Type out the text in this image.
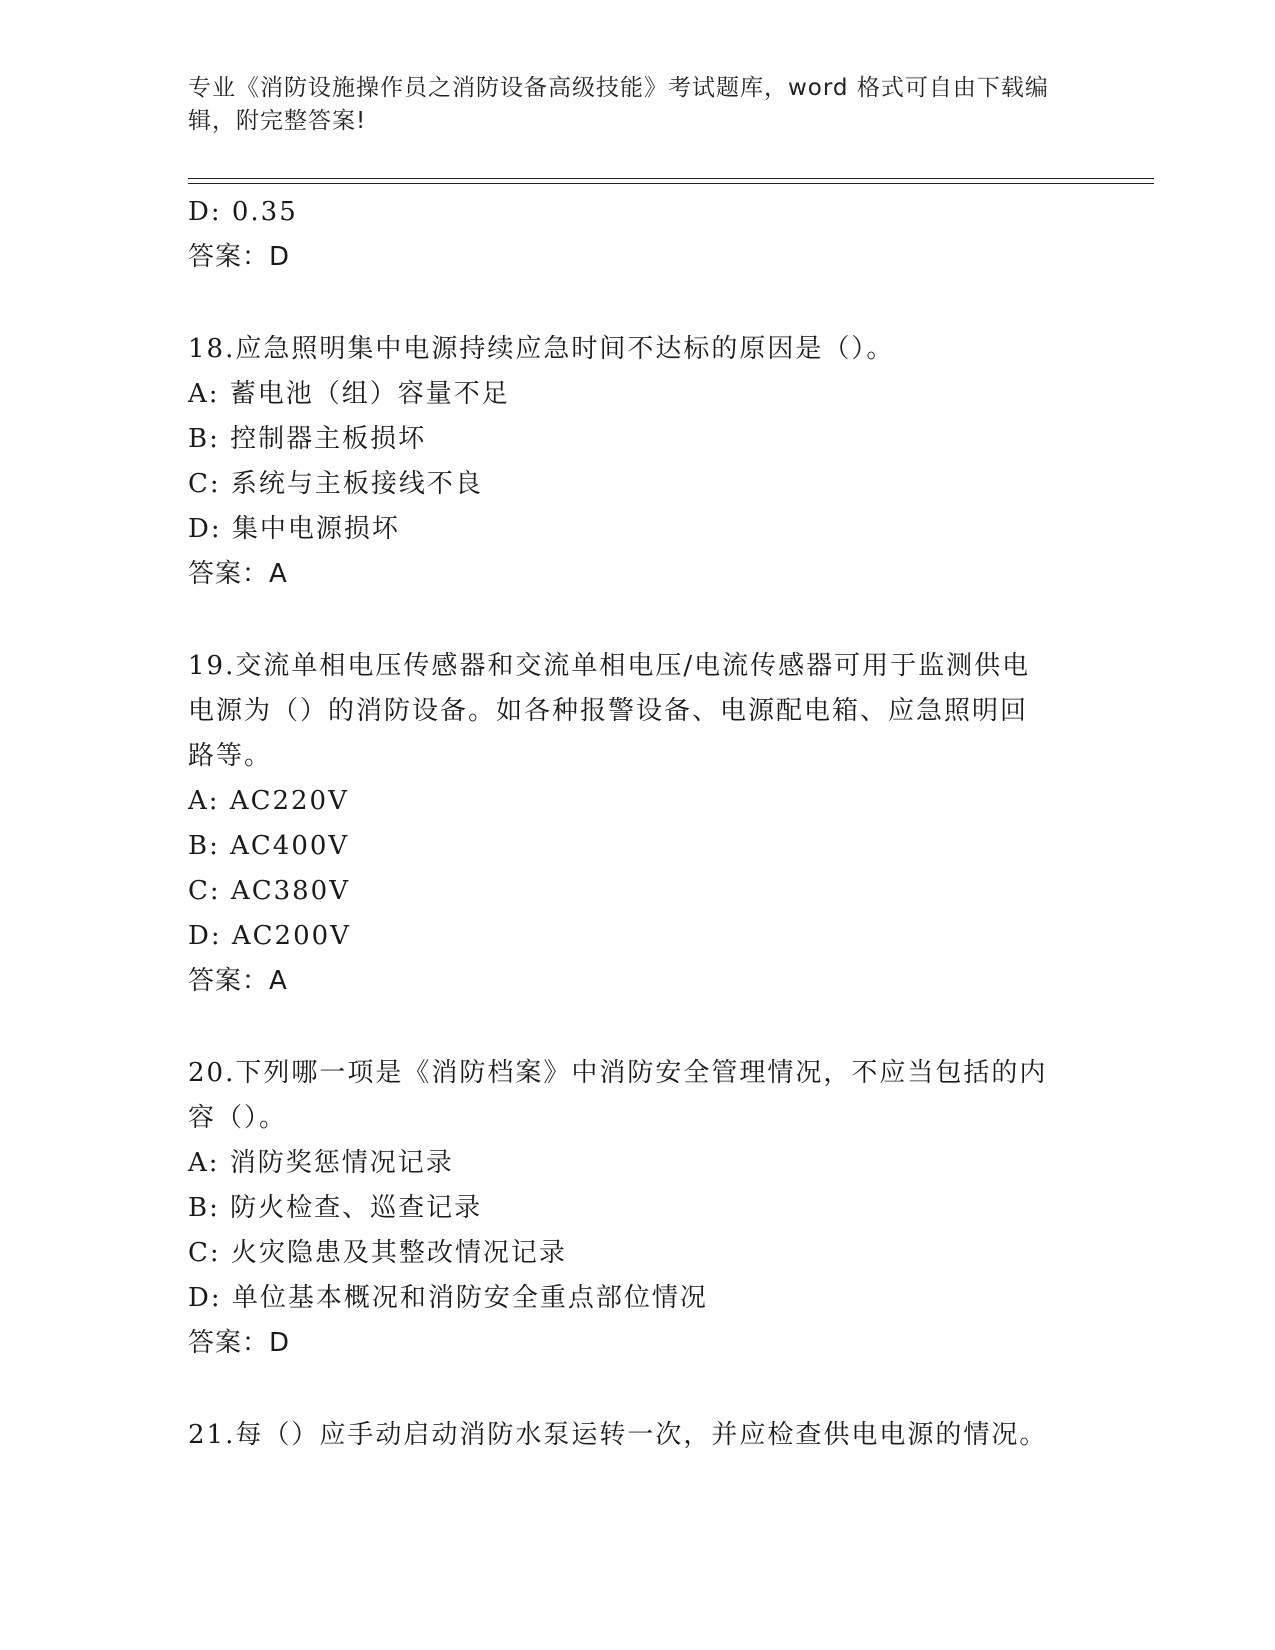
专业《消防设施操作员之消防设备高级技能》考试题库，word 格式可自由下载编
辑，附完整答案!
D: 0.35
答案：D
18.应急照明集中电源持续应急时间不达标的原因是（）。
A: 蓄电池（组）容量不足
B: 控制器主板损坏
C: 系统与主板接线不良
D: 集中电源损坏
答案：A
19.交流单相电压传感器和交流单相电压/电流传感器可用于监测供电
电源为（）的消防设备。如各种报警设备、电源配电箱、应急照明回
路等。
A: AC220V
B: AC400V
C: AC380V
D: AC200V
答案：A
20.下列哪一项是《消防档案》中消防安全管理情况，不应当包括的内
容（）。
A: 消防奖惩情况记录
B: 防火检查、巡查记录
C: 火灾隐患及其整改情况记录
D: 单位基本概况和消防安全重点部位情况
答案：D
21.每（）应手动启动消防水泵运转一次，并应检查供电电源的情况。
